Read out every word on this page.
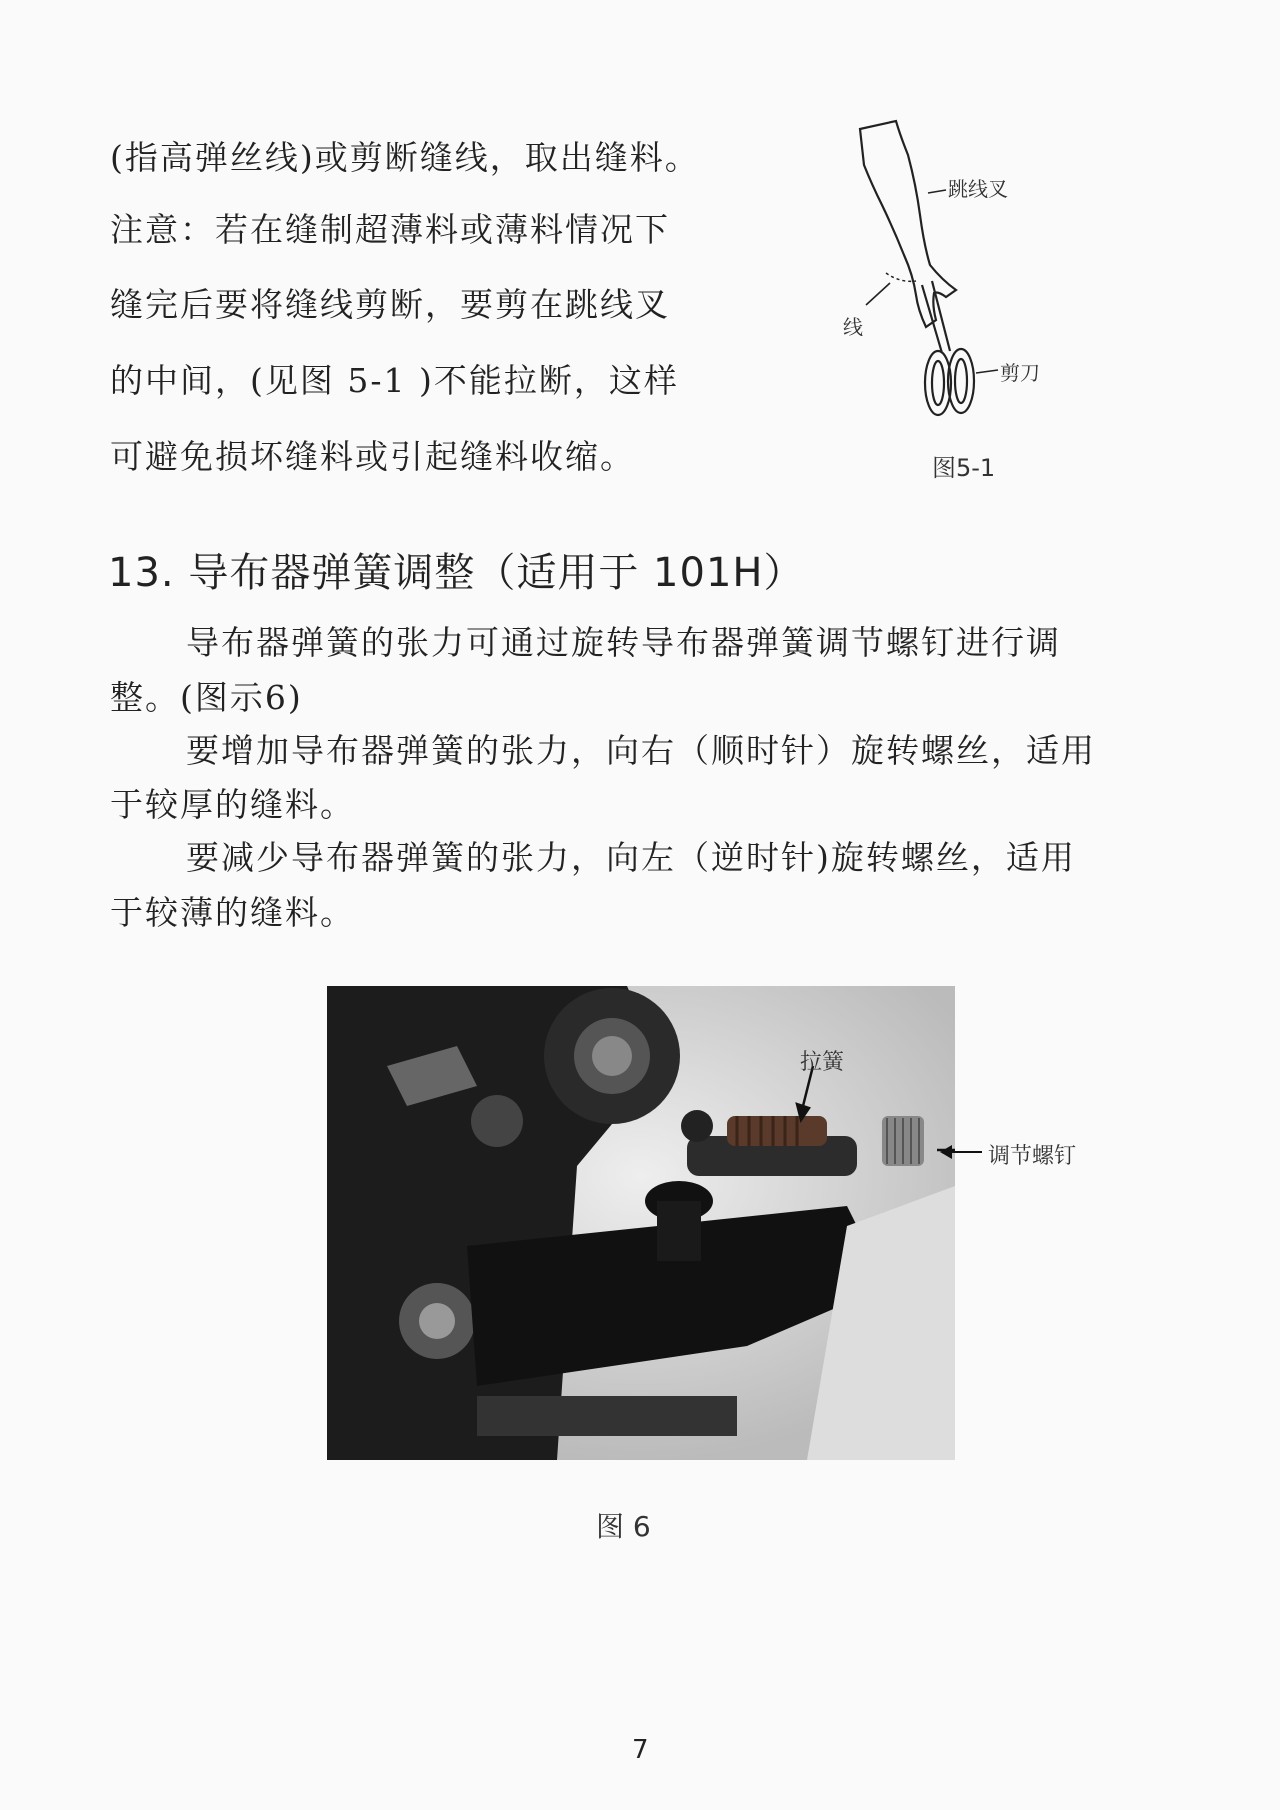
(指高弹丝线)或剪断缝线，取出缝料。
注意：若在缝制超薄料或薄料情况下
缝完后要将缝线剪断，要剪在跳线叉
的中间，(见图 5-1 )不能拉断，这样
可避免损坏缝料或引起缝料收缩。
跳线叉
线
剪刀
图5-1
13. 导布器弹簧调整（适用于 101H）
导布器弹簧的张力可通过旋转导布器弹簧调节螺钉进行调
整。(图示6)
要增加导布器弹簧的张力，向右（顺时针）旋转螺丝，适用
于较厚的缝料。
要减少导布器弹簧的张力，向左（逆时针)旋转螺丝，适用
于较薄的缝料。
拉簧
调节螺钉
图 6
7
